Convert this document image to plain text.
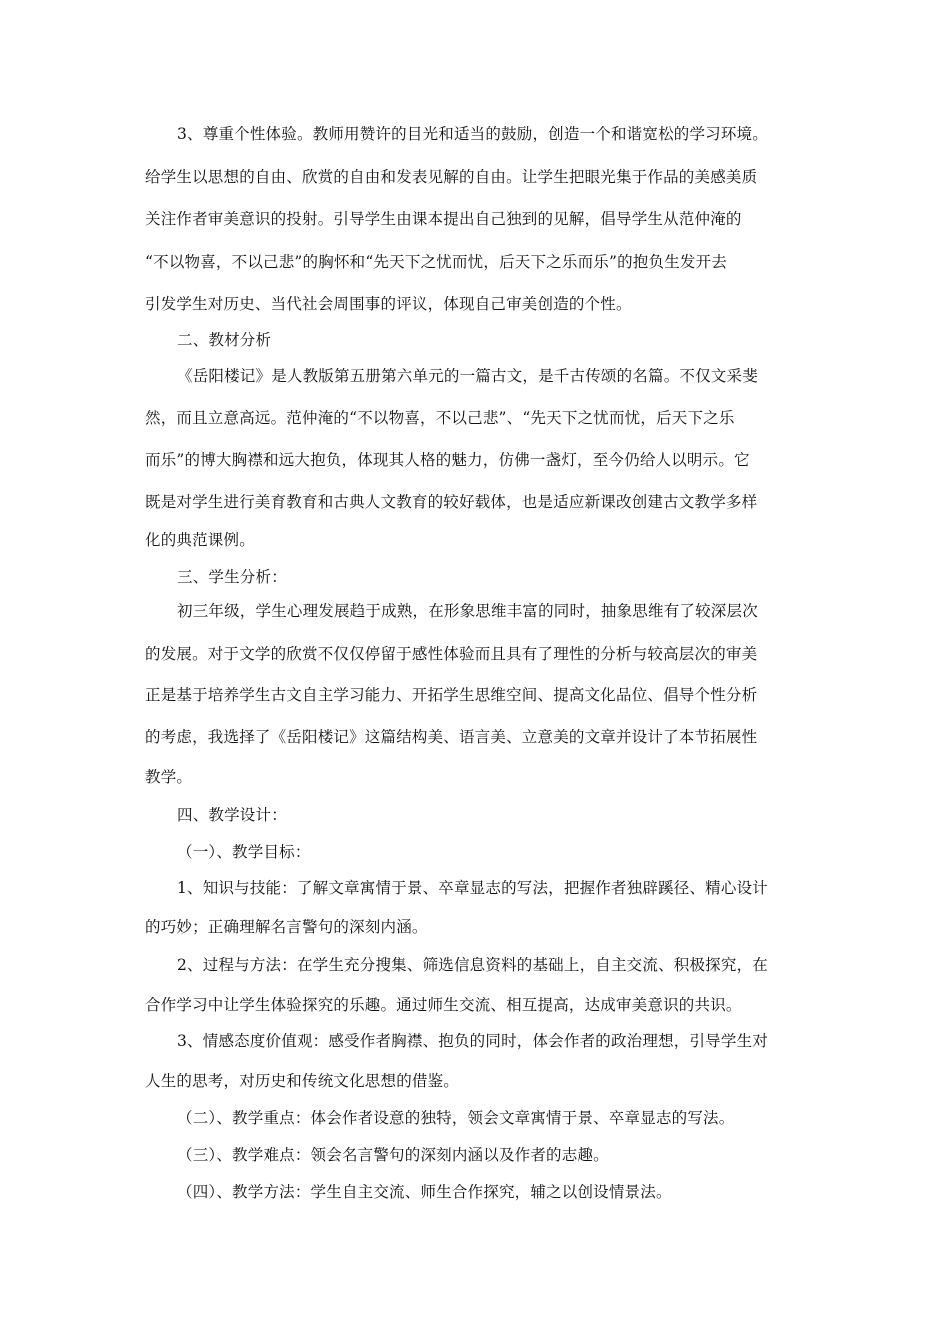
3、尊重个性体验。教师用赞许的目光和适当的鼓励，创造一个和谐宽松的学习环境。
给学生以思想的自由、欣赏的自由和发表见解的自由。让学生把眼光集于作品的美感美质
关注作者审美意识的投射。引导学生由课本提出自己独到的见解，倡导学生从范仲淹的
“不以物喜，不以己悲”的胸怀和“先天下之忧而忧，后天下之乐而乐”的抱负生发开去
引发学生对历史、当代社会周围事的评议，体现自己审美创造的个性。
二、教材分析
《岳阳楼记》是人教版第五册第六单元的一篇古文，是千古传颂的名篇。不仅文采斐
然，而且立意高远。范仲淹的“不以物喜，不以己悲”、“先天下之忧而忧，后天下之乐
而乐”的博大胸襟和远大抱负，体现其人格的魅力，仿佛一盏灯，至今仍给人以明示。它
既是对学生进行美育教育和古典人文教育的较好载体，也是适应新课改创建古文教学多样
化的典范课例。
三、学生分析：
初三年级，学生心理发展趋于成熟，在形象思维丰富的同时，抽象思维有了较深层次
的发展。对于文学的欣赏不仅仅停留于感性体验而且具有了理性的分析与较高层次的审美
正是基于培养学生古文自主学习能力、开拓学生思维空间、提高文化品位、倡导个性分析
的考虑，我选择了《岳阳楼记》这篇结构美、语言美、立意美的文章并设计了本节拓展性
教学。
四、教学设计：
（一）、教学目标：
1、知识与技能：了解文章寓情于景、卒章显志的写法，把握作者独辟蹊径、精心设计
的巧妙；正确理解名言警句的深刻内涵。
2、过程与方法：在学生充分搜集、筛选信息资料的基础上，自主交流、积极探究，在
合作学习中让学生体验探究的乐趣。通过师生交流、相互提高，达成审美意识的共识。
3、情感态度价值观：感受作者胸襟、抱负的同时，体会作者的政治理想，引导学生对
人生的思考，对历史和传统文化思想的借鉴。
（二）、教学重点：体会作者设意的独特，领会文章寓情于景、卒章显志的写法。
（三）、教学难点：领会名言警句的深刻内涵以及作者的志趣。
（四）、教学方法：学生自主交流、师生合作探究，辅之以创设情景法。
